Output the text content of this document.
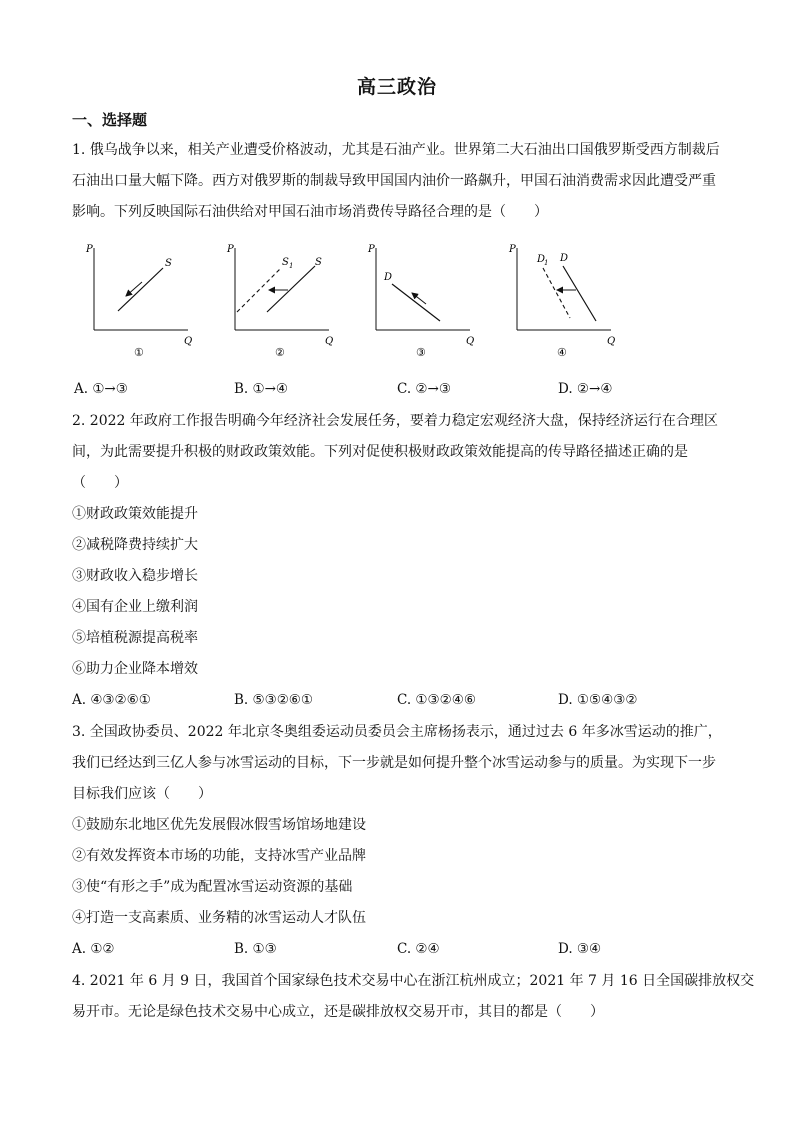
高三政治
一、选择题
1. 俄乌战争以来，相关产业遭受价格波动，尤其是石油产业。世界第二大石油出口国俄罗斯受西方制裁后
石油出口量大幅下降。西方对俄罗斯的制裁导致甲国国内油价一路飙升，甲国石油消费需求因此遭受严重
影响。下列反映国际石油供给对甲国石油市场消费传导路径合理的是（　　）
P
Q
S
①
P
Q
S 1 S
②
P
Q
D
③
P
Q
D
1 D
④
A. ①→③	B. ①→④	C. ②→③	D. ②→④
2. 2022 年政府工作报告明确今年经济社会发展任务，要着力稳定宏观经济大盘，保持经济运行在合理区
间，为此需要提升积极的财政政策效能。下列对促使积极财政政策效能提高的传导路径描述正确的是
（　　）
①财政政策效能提升
②减税降费持续扩大
③财政收入稳步增长
④国有企业上缴利润
⑤培植税源提高税率
⑥助力企业降本增效
A. ④③②⑥①	B. ⑤③②⑥①	C. ①③②④⑥	D. ①⑤④③②
3. 全国政协委员、2022 年北京冬奥组委运动员委员会主席杨扬表示，通过过去 6 年多冰雪运动的推广，
我们已经达到三亿人参与冰雪运动的目标，下一步就是如何提升整个冰雪运动参与的质量。为实现下一步
目标我们应该（　　）
①鼓励东北地区优先发展假冰假雪场馆场地建设
②有效发挥资本市场的功能，支持冰雪产业品牌
③使“有形之手”成为配置冰雪运动资源的基础
④打造一支高素质、业务精的冰雪运动人才队伍
A. ①②	B. ①③	C. ②④	D. ③④
4. 2021 年 6 月 9 日，我国首个国家绿色技术交易中心在浙江杭州成立；2021 年 7 月 16 日全国碳排放权交
易开市。无论是绿色技术交易中心成立，还是碳排放权交易开市，其目的都是（　　）
